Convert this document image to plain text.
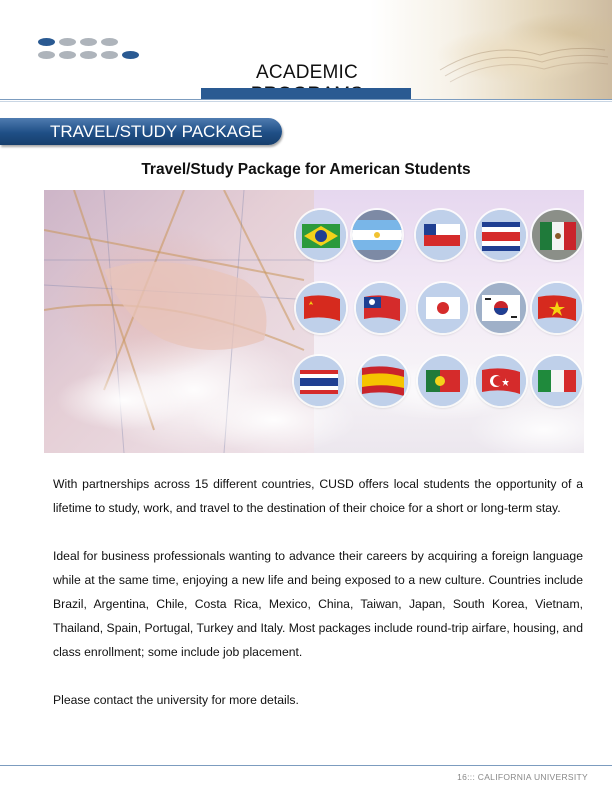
ACADEMIC
TRAVEL/STUDY PACKAGE
Travel/Study Package for American Students
With partnerships across 15 different countries, CUSD offers local students the opportunity of a lifetime to study, work, and travel to the destination of their choice for a short or long-term stay.
Ideal for business professionals wanting to advance their careers by acquiring a foreign language while at the same time, enjoying a new life and being exposed to a new culture. Countries include Brazil, Argentina, Chile, Costa Rica, Mexico, China, Taiwan, Japan, South Korea, Vietnam, Thailand, Spain, Portugal, Turkey and Italy. Most packages include round-trip airfare, housing, and class enrollment; some include job placement.
Please contact the university for more details.
16::: CALIFORNIA UNIVERSITY
